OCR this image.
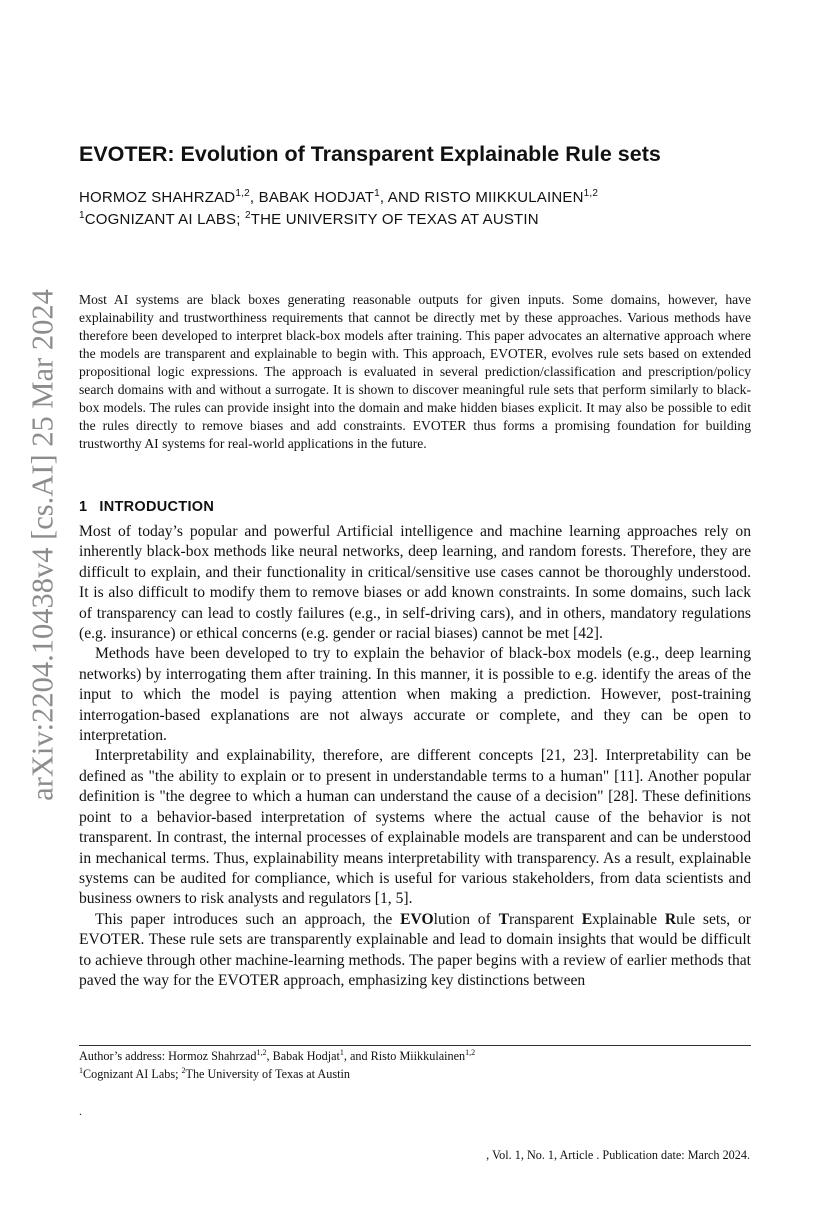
arXiv:2204.10438v4 [cs.AI] 25 Mar 2024
EVOTER: Evolution of Transparent Explainable Rule sets
HORMOZ SHAHRZAD$^{1,2}$, BABAK HODJAT$^1$, AND RISTO MIIKKULAINEN$^{1,2}$
$^1$COGNIZANT AI LABS; $^2$THE UNIVERSITY OF TEXAS AT AUSTIN

Most AI systems are black boxes generating reasonable outputs for given inputs. Some domains, however, have explainability and trustworthiness requirements that cannot be directly met by these approaches. Various methods have therefore been developed to interpret black-box models after training. This paper advocates an alternative approach where the models are transparent and explainable to begin with. This approach, EVOTER, evolves rule sets based on extended propositional logic expressions. The approach is evaluated in several prediction/classification and prescription/policy search domains with and without a surrogate. It is shown to discover meaningful rule sets that perform similarly to black-box models. The rules can provide insight into the domain and make hidden biases explicit. It may also be possible to edit the rules directly to remove biases and add constraints. EVOTER thus forms a promising foundation for building trustworthy AI systems for real-world applications in the future.

1 INTRODUCTION

Most of today’s popular and powerful Artificial intelligence and machine learning approaches rely on inherently black-box methods like neural networks, deep learning, and random forests. Therefore, they are difficult to explain, and their functionality in critical/sensitive use cases cannot be thoroughly understood. It is also difficult to modify them to remove biases or add known constraints. In some domains, such lack of transparency can lead to costly failures (e.g., in self-driving cars), and in others, mandatory regulations (e.g. insurance) or ethical concerns (e.g. gender or racial biases) cannot be met [42].

Methods have been developed to try to explain the behavior of black-box models (e.g., deep learning networks) by interrogating them after training. In this manner, it is possible to e.g. identify the areas of the input to which the model is paying attention when making a prediction. However, post-training interrogation-based explanations are not always accurate or complete, and they can be open to interpretation.

Interpretability and explainability, therefore, are different concepts [21, 23]. Interpretability can be defined as "the ability to explain or to present in understandable terms to a human" [11]. Another popular definition is "the degree to which a human can understand the cause of a decision" [28]. These definitions point to a behavior-based interpretation of systems where the actual cause of the behavior is not transparent. In contrast, the internal processes of explainable models are transparent and can be understood in mechanical terms. Thus, explainability means interpretability with transparency. As a result, explainable systems can be audited for compliance, which is useful for various stakeholders, from data scientists and business owners to risk analysts and regulators [1, 5].

This paper introduces such an approach, the EVOlution of Transparent Explainable Rule sets, or EVOTER. These rule sets are transparently explainable and lead to domain insights that would be difficult to achieve through other machine-learning methods. The paper begins with a review of earlier methods that paved the way for the EVOTER approach, emphasizing key distinctions between

Author’s address: Hormoz Shahrzad$^{1,2}$, Babak Hodjat$^1$, and Risto Miikkulainen$^{1,2}$
$^1$Cognizant AI Labs; $^2$The University of Texas at Austin
.
, Vol. 1, No. 1, Article . Publication date: March 2024.
